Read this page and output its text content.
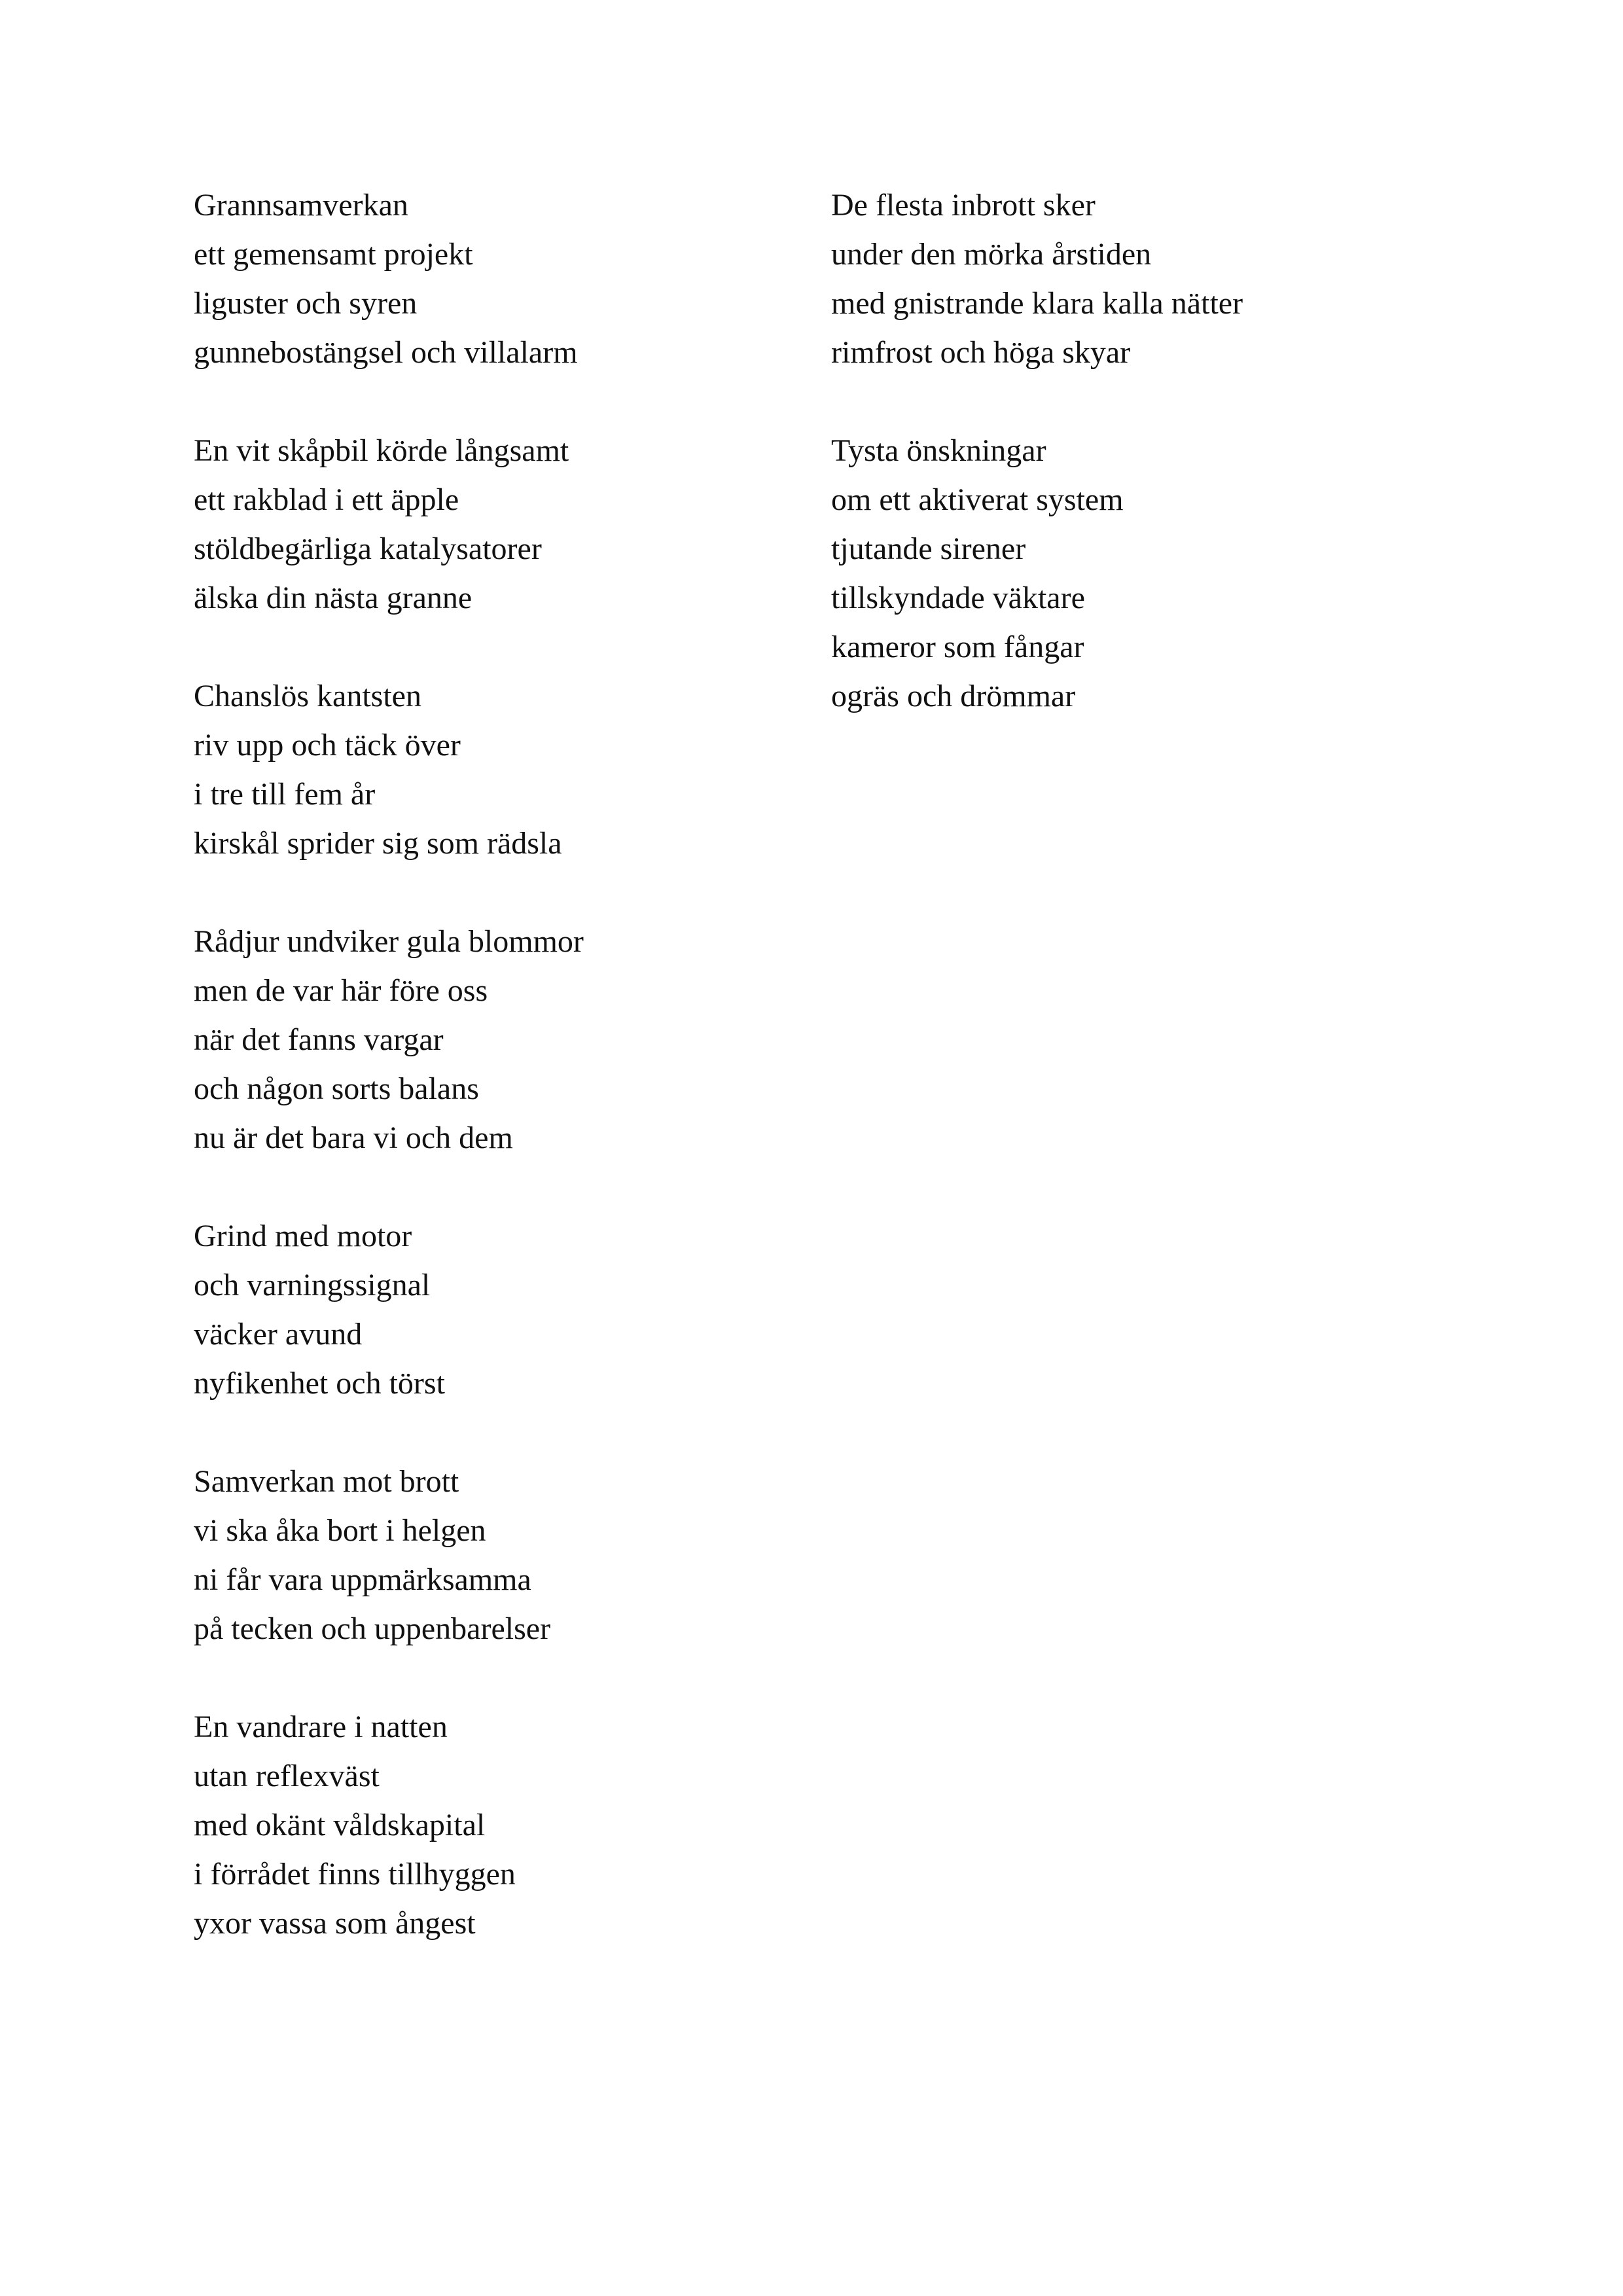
Grannsamverkan
ett gemensamt projekt
liguster och syren
gunnebostängsel och villalarm
En vit skåpbil körde långsamt
ett rakblad i ett äpple
stöldbegärliga katalysatorer
älska din nästa granne
Chanslös kantsten
riv upp och täck över
i tre till fem år
kirskål sprider sig som rädsla
Rådjur undviker gula blommor
men de var här före oss
när det fanns vargar
och någon sorts balans
nu är det bara vi och dem
Grind med motor
och varningssignal
väcker avund
nyfikenhet och törst
Samverkan mot brott
vi ska åka bort i helgen
ni får vara uppmärksamma
på tecken och uppenbarelser
En vandrare i natten
utan reflexväst
med okänt våldskapital
i förrådet finns tillhyggen
yxor vassa som ångest
De flesta inbrott sker
under den mörka årstiden
med gnistrande klara kalla nätter
rimfrost och höga skyar
Tysta önskningar
om ett aktiverat system
tjutande sirener
tillskyndade väktare
kameror som fångar
ogräs och drömmar
